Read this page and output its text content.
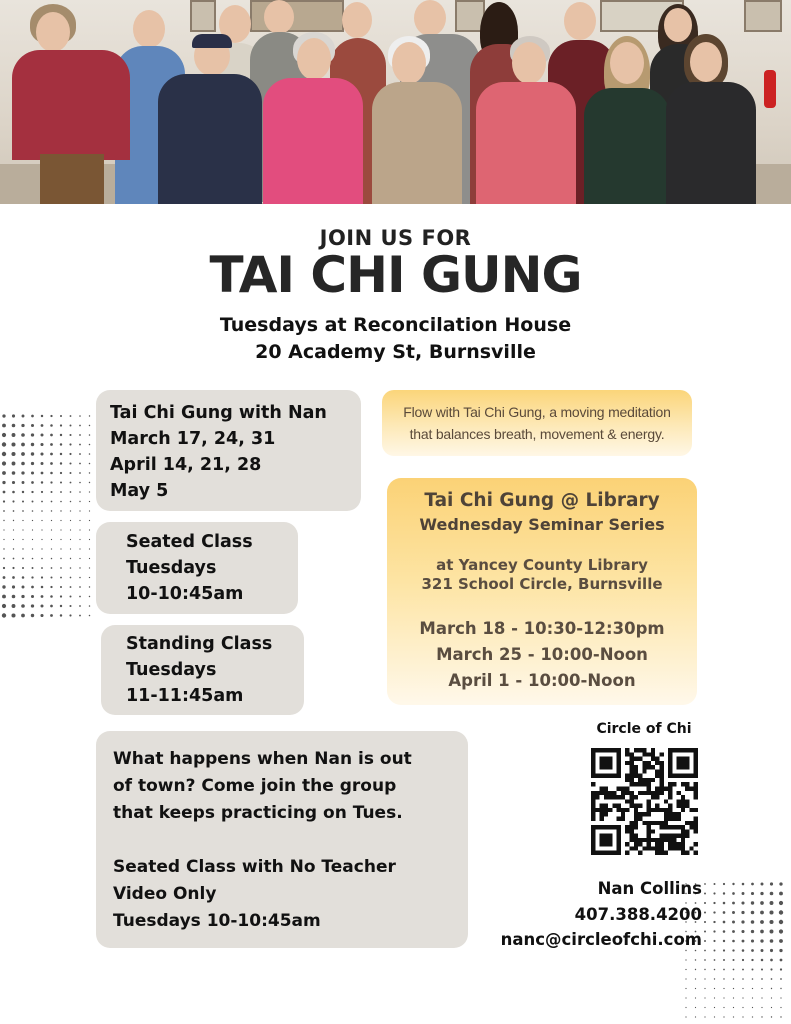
JOIN US FOR
TAI CHI GUNG
Tuesdays at Reconcilation House
20 Academy St, Burnsville
Tai Chi Gung with Nan
March 17, 24, 31
April 14, 21, 28
May 5
Seated Class
Tuesdays
10-10:45am
Standing Class
Tuesdays
11-11:45am
What happens when Nan is out
of town? Come join the group
that keeps practicing on Tues.
Seated Class with No Teacher
Video Only
Tuesdays 10-10:45am
Flow with Tai Chi Gung, a moving meditation
that balances breath, movement & energy.
Tai Chi Gung @ Library
Wednesday Seminar Series
at Yancey County Library
321 School Circle, Burnsville
March 18 - 10:30-12:30pm
March 25 - 10:00-Noon
April 1 - 10:00-Noon
Circle of Chi
Nan Collins
407.388.4200
nanc@circleofchi.com
